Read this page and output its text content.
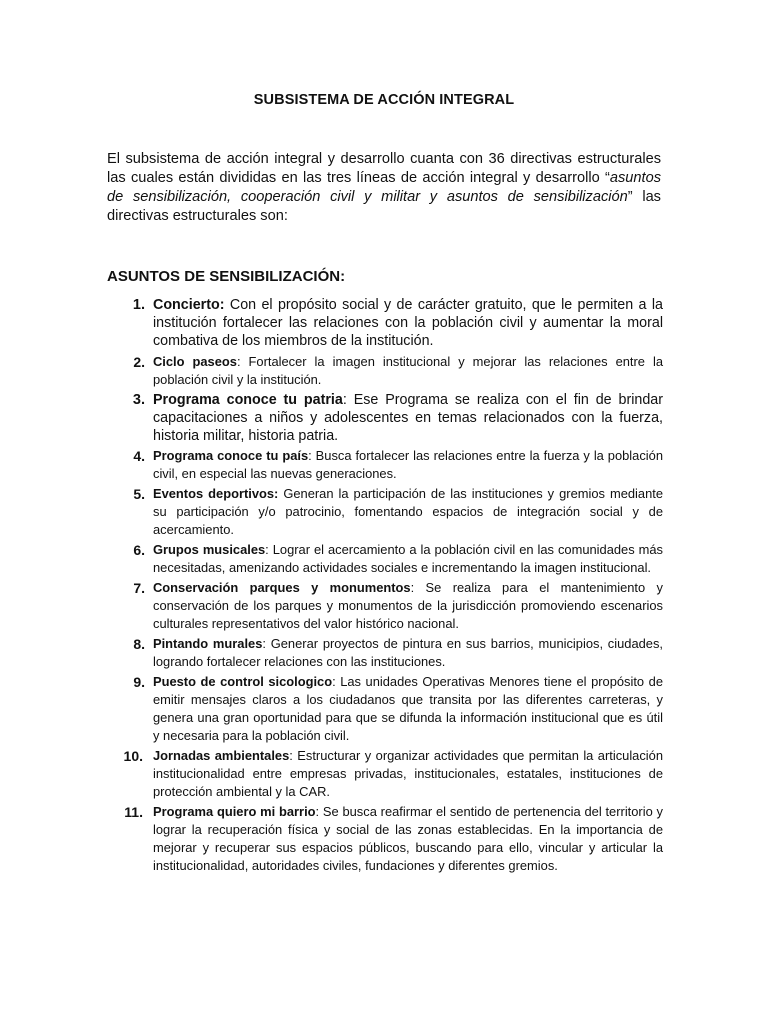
SUBSISTEMA DE ACCIÓN INTEGRAL

El subsistema de acción integral y desarrollo cuanta con 36 directivas estructurales las cuales están divididas en las tres líneas de acción integral y desarrollo “asuntos de sensibilización, cooperación civil y militar y asuntos de sensibilización” las directivas estructurales son:

ASUNTOS DE SENSIBILIZACIÓN:
1. Concierto: Con el propósito social y de carácter gratuito, que le permiten a la institución fortalecer las relaciones con la población civil y aumentar la moral combativa de los miembros de la institución.
2. Ciclo paseos: Fortalecer la imagen institucional y mejorar las relaciones entre la población civil y la institución.
3. Programa conoce tu patria: Ese Programa se realiza con el fin de brindar capacitaciones a niños y adolescentes en temas relacionados con la fuerza, historia militar, historia patria.
4. Programa conoce tu país: Busca fortalecer las relaciones entre la fuerza y la población civil, en especial las nuevas generaciones.
5. Eventos deportivos: Generan la participación de las instituciones y gremios mediante su participación y/o patrocinio, fomentando espacios de integración social y de acercamiento.
6. Grupos musicales: Lograr el acercamiento a la población civil en las comunidades más necesitadas, amenizando actividades sociales e incrementando la imagen institucional.
7. Conservación parques y monumentos: Se realiza para el mantenimiento y conservación de los parques y monumentos de la jurisdicción promoviendo escenarios culturales representativos del valor histórico nacional.
8. Pintando murales: Generar proyectos de pintura en sus barrios, municipios, ciudades, logrando fortalecer relaciones con las instituciones.
9. Puesto de control sicologico: Las unidades Operativas Menores tiene el propósito de emitir mensajes claros a los ciudadanos que transita por las diferentes carreteras, y genera una gran oportunidad para que se difunda la información institucional que es útil y necesaria para la población civil.
10. Jornadas ambientales: Estructurar y organizar actividades que permitan la articulación institucionalidad entre empresas privadas, institucionales, estatales, instituciones de protección ambiental y la CAR.
11. Programa quiero mi barrio: Se busca reafirmar el sentido de pertenencia del territorio y lograr la recuperación física y social de las zonas establecidas. En la importancia de mejorar y recuperar sus espacios públicos, buscando para ello, vincular y articular la institucionalidad, autoridades civiles, fundaciones y diferentes gremios.
